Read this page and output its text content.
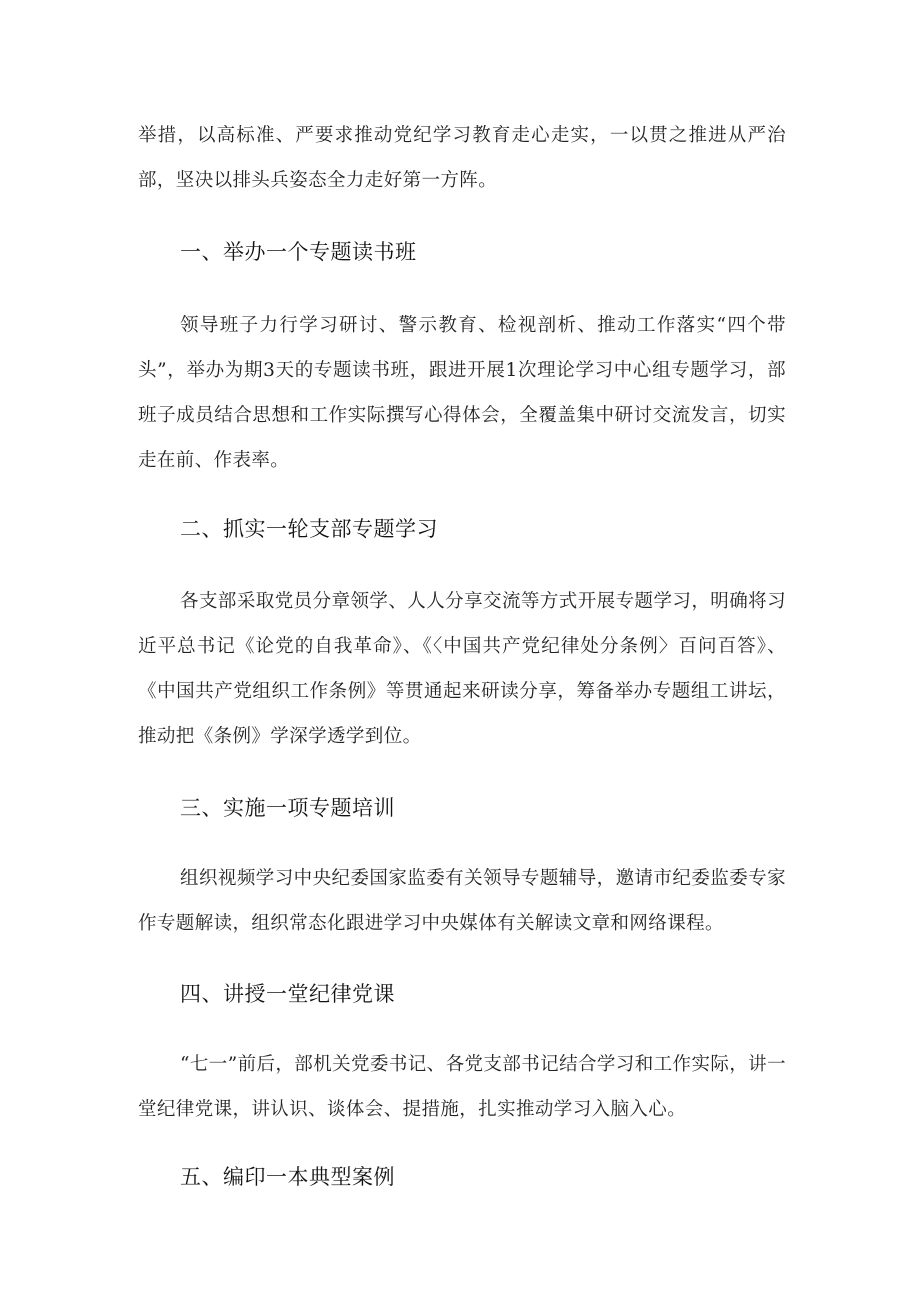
举措，以高标准、严要求推动党纪学习教育走心走实，一以贯之推进从严治部，坚决以排头兵姿态全力走好第一方阵。

一、举办一个专题读书班

领导班子力行学习研讨、警示教育、检视剖析、推动工作落实“四个带头”，举办为期3天的专题读书班，跟进开展1次理论学习中心组专题学习，部班子成员结合思想和工作实际撰写心得体会，全覆盖集中研讨交流发言，切实走在前、作表率。

二、抓实一轮支部专题学习

各支部采取党员分章领学、人人分享交流等方式开展专题学习，明确将习近平总书记《论党的自我革命》、《〈中国共产党纪律处分条例〉百问百答》、《中国共产党组织工作条例》等贯通起来研读分享，筹备举办专题组工讲坛，推动把《条例》学深学透学到位。

三、实施一项专题培训

组织视频学习中央纪委国家监委有关领导专题辅导，邀请市纪委监委专家作专题解读，组织常态化跟进学习中央媒体有关解读文章和网络课程。

四、讲授一堂纪律党课

“七一”前后，部机关党委书记、各党支部书记结合学习和工作实际，讲一堂纪律党课，讲认识、谈体会、提措施，扎实推动学习入脑入心。

五、编印一本典型案例
